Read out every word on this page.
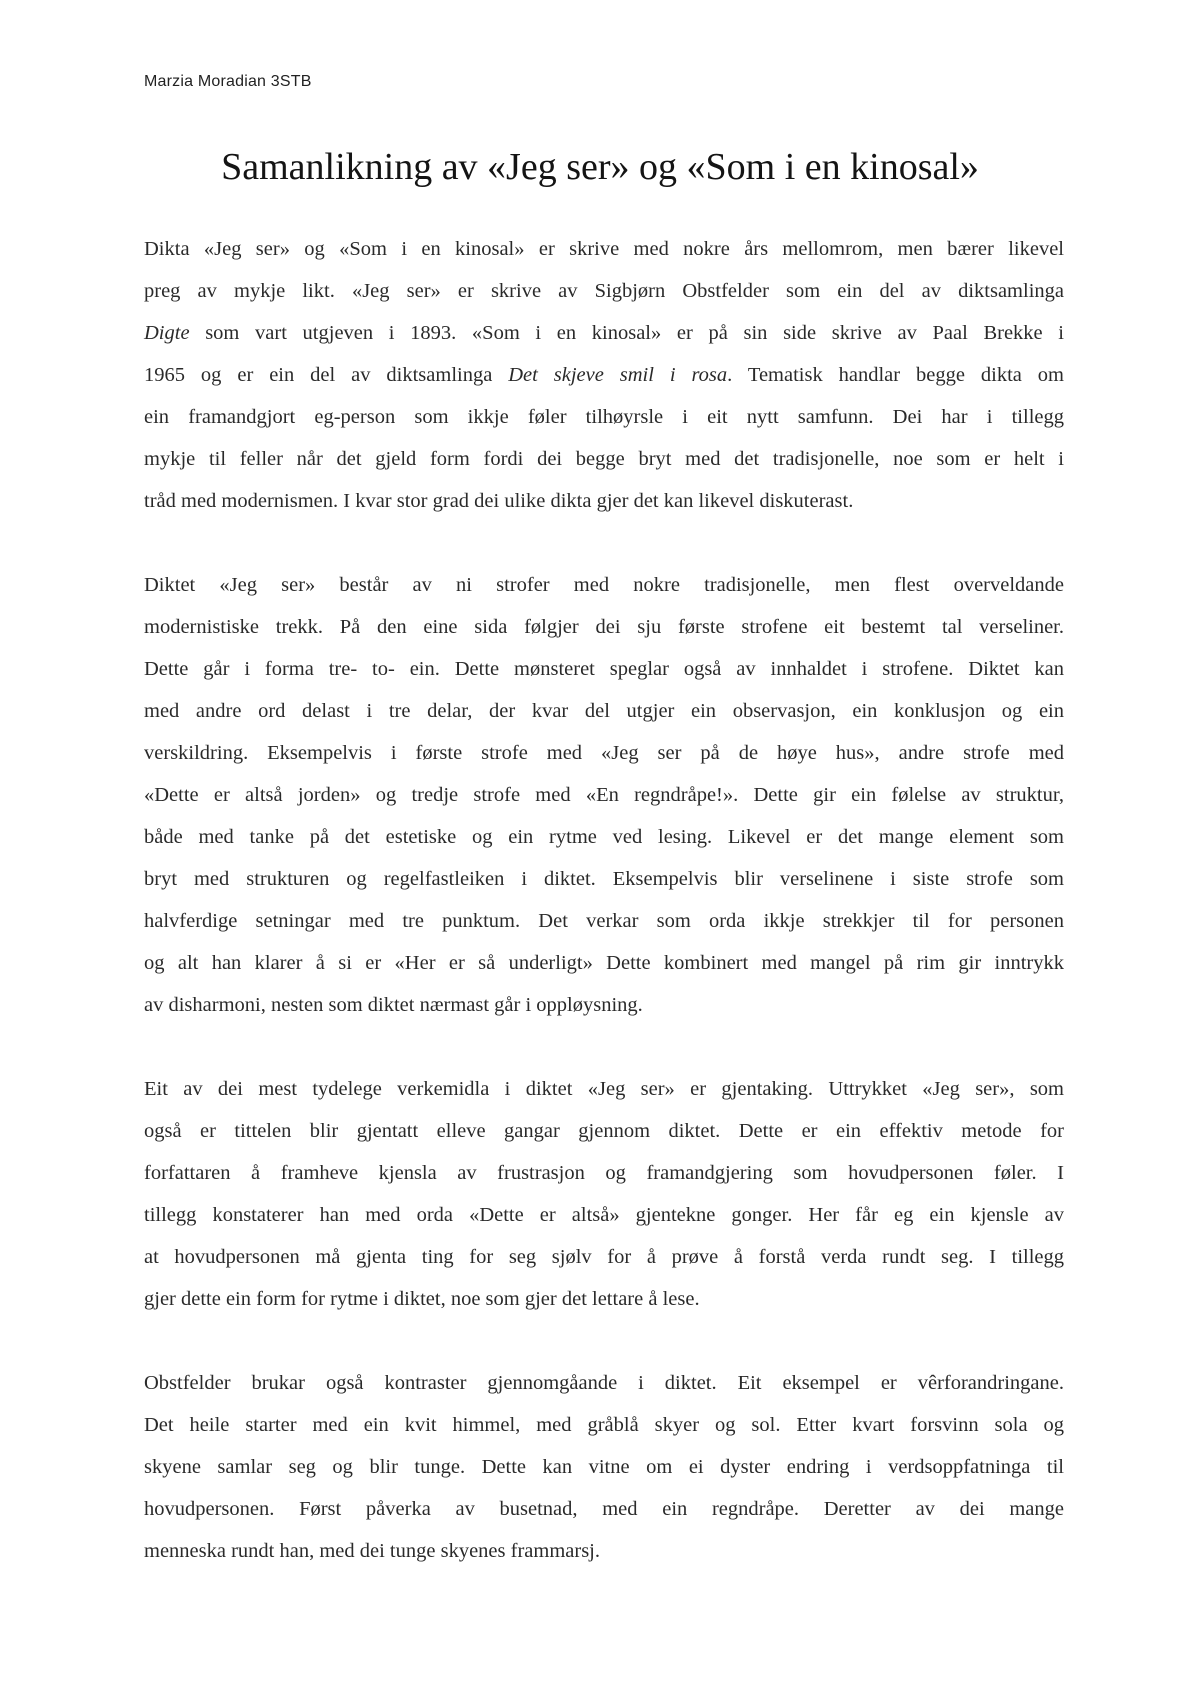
Marzia Moradian 3STB
Samanlikning av «Jeg ser» og «Som i en kinosal»

Dikta «Jeg ser» og «Som i en kinosal» er skrive med nokre års mellomrom, men bærer likevel
preg av mykje likt. «Jeg ser» er skrive av Sigbjørn Obstfelder som ein del av diktsamlinga
Digte som vart utgjeven i 1893. «Som i en kinosal» er på sin side skrive av Paal Brekke i
1965 og er ein del av diktsamlinga Det skjeve smil i rosa. Tematisk handlar begge dikta om
ein framandgjort eg-person som ikkje føler tilhøyrsle i eit nytt samfunn. Dei har i tillegg
mykje til feller når det gjeld form fordi dei begge bryt med det tradisjonelle, noe som er helt i
tråd med modernismen. I kvar stor grad dei ulike dikta gjer det kan likevel diskuterast.

Diktet «Jeg ser» består av ni strofer med nokre tradisjonelle, men flest overveldande
modernistiske trekk. På den eine sida følgjer dei sju første strofene eit bestemt tal verseliner.
Dette går i forma tre- to- ein. Dette mønsteret speglar også av innhaldet i strofene. Diktet kan
med andre ord delast i tre delar, der kvar del utgjer ein observasjon, ein konklusjon og ein
verskildring. Eksempelvis i første strofe med «Jeg ser på de høye hus», andre strofe med
«Dette er altså jorden» og tredje strofe med «En regndråpe!». Dette gir ein følelse av struktur,
både med tanke på det estetiske og ein rytme ved lesing. Likevel er det mange element som
bryt med strukturen og regelfastleiken i diktet. Eksempelvis blir verselinene i siste strofe som
halvferdige setningar med tre punktum. Det verkar som orda ikkje strekkjer til for personen
og alt han klarer å si er «Her er så underligt» Dette kombinert med mangel på rim gir inntrykk
av disharmoni, nesten som diktet nærmast går i oppløysning.

Eit av dei mest tydelege verkemidla i diktet «Jeg ser» er gjentaking. Uttrykket «Jeg ser», som
også er tittelen blir gjentatt elleve gangar gjennom diktet. Dette er ein effektiv metode for
forfattaren å framheve kjensla av frustrasjon og framandgjering som hovudpersonen føler. I
tillegg konstaterer han med orda «Dette er altså» gjentekne gonger. Her får eg ein kjensle av
at hovudpersonen må gjenta ting for seg sjølv for å prøve å forstå verda rundt seg. I tillegg
gjer dette ein form for rytme i diktet, noe som gjer det lettare å lese.

Obstfelder brukar også kontraster gjennomgåande i diktet. Eit eksempel er vêrforandringane.
Det heile starter med ein kvit himmel, med gråblå skyer og sol. Etter kvart forsvinn sola og
skyene samlar seg og blir tunge. Dette kan vitne om ei dyster endring i verdsoppfatninga til
hovudpersonen. Først påverka av busetnad, med ein regndråpe. Deretter av dei mange
menneska rundt han, med dei tunge skyenes frammarsj.
